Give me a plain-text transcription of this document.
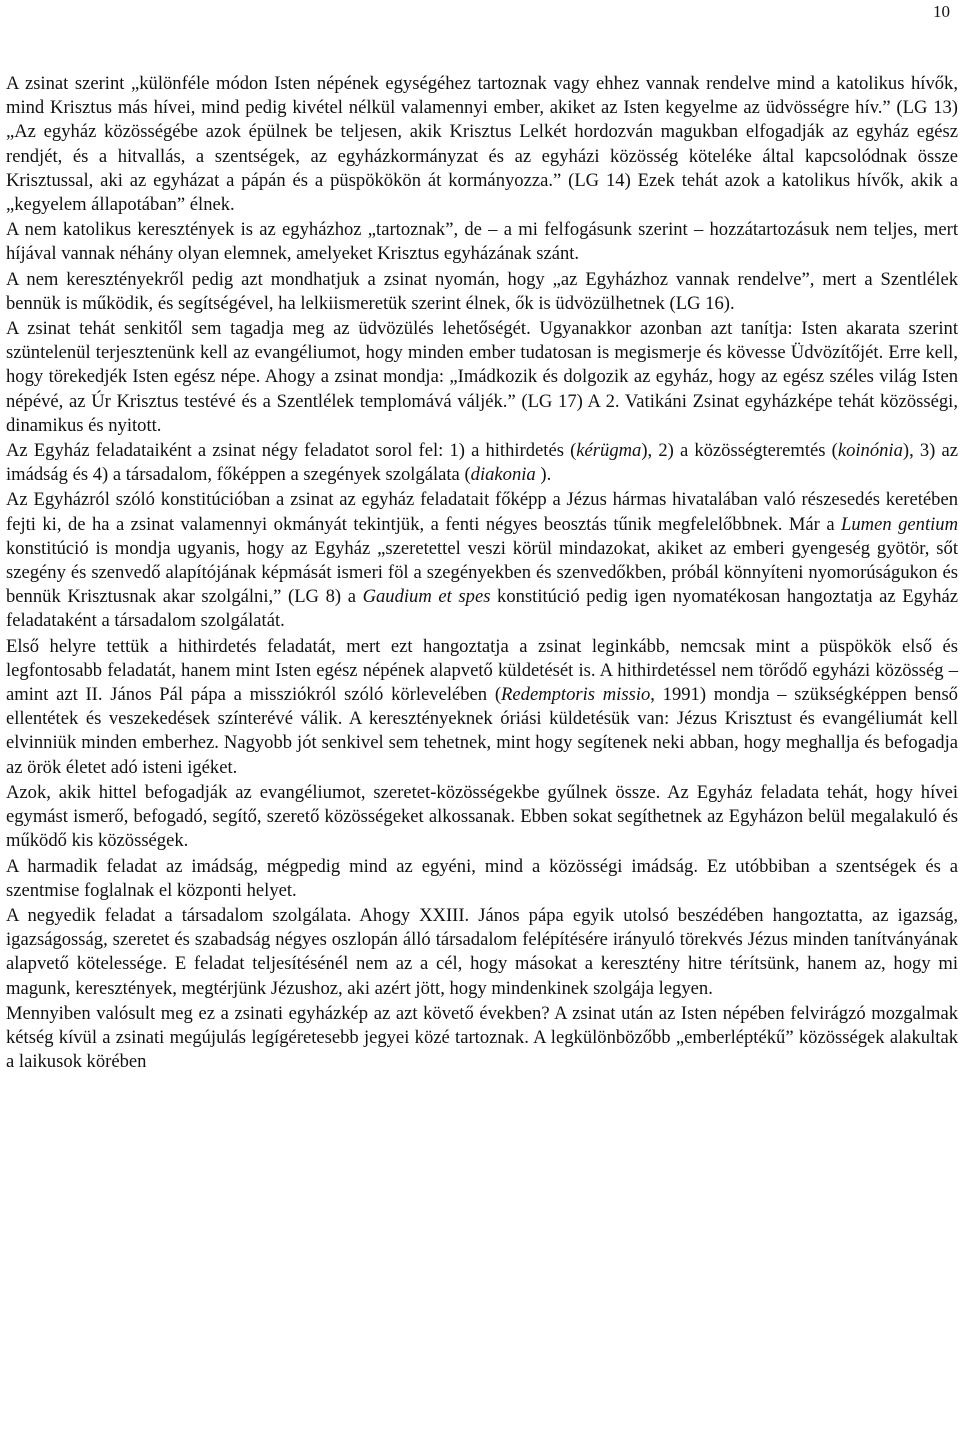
10

A zsinat szerint „különféle módon Isten népének egységéhez tartoznak vagy ehhez vannak rendelve mind a katolikus hívők, mind Krisztus más hívei, mind pedig kivétel nélkül valamennyi ember, akiket az Isten kegyelme az üdvösségre hív.” (LG 13) „Az egyház közösségébe azok épülnek be teljesen, akik Krisztus Lelkét hordozván magukban elfogadják az egyház egész rendjét, és a hitvallás, a szentségek, az egyházkormányzat és az egyházi közösség köteléke által kapcsolódnak össze Krisztussal, aki az egyházat a pápán és a püspökökön át kormányozza.” (LG 14) Ezek tehát azok a katolikus hívők, akik a „kegyelem állapotában” élnek.

A nem katolikus keresztények is az egyházhoz „tartoznak”, de – a mi felfogásunk szerint – hozzátartozásuk nem teljes, mert híjával vannak néhány olyan elemnek, amelyeket Krisztus egyházának szánt.

A nem keresztényekről pedig azt mondhatjuk a zsinat nyomán, hogy „az Egyházhoz vannak rendelve”, mert a Szentlélek bennük is működik, és segítségével, ha lelkiismeretük szerint élnek, ők is üdvözülhetnek (LG 16).

A zsinat tehát senkitől sem tagadja meg az üdvözülés lehetőségét. Ugyanakkor azonban azt tanítja: Isten akarata szerint szüntelenül terjesztenünk kell az evangéliumot, hogy minden ember tudatosan is megismerje és kövesse Üdvözítőjét. Erre kell, hogy törekedjék Isten egész népe. Ahogy a zsinat mondja: „Imádkozik és dolgozik az egyház, hogy az egész széles világ Isten népévé, az Úr Krisztus testévé és a Szentlélek templomává váljék.” (LG 17) A 2. Vatikáni Zsinat egyházképe tehát közösségi, dinamikus és nyitott.

Az Egyház feladataiként a zsinat négy feladatot sorol fel: 1) a hithirdetés (kérügma), 2) a közösségteremtés (koinónia), 3) az imádság és 4) a társadalom, főképpen a szegények szolgálata (diakonia ).

Az Egyházról szóló konstitúcióban a zsinat az egyház feladatait főképp a Jézus hármas hivatalában való részesedés keretében fejti ki, de ha a zsinat valamennyi okmányát tekintjük, a fenti négyes beosztás tűnik megfelelőbbnek. Már a Lumen gentium konstitúció is mondja ugyanis, hogy az Egyház „szeretettel veszi körül mindazokat, akiket az emberi gyengeség gyötör, sőt szegény és szenvedő alapítójának képmását ismeri föl a szegényekben és szenvedőkben, próbál könnyíteni nyomorúságukon és bennük Krisztusnak akar szolgálni,” (LG 8) a Gaudium et spes konstitúció pedig igen nyomatékosan hangoztatja az Egyház feladataként a társadalom szolgálatát.

Első helyre tettük a hithirdetés feladatát, mert ezt hangoztatja a zsinat leginkább, nemcsak mint a püspökök első és legfontosabb feladatát, hanem mint Isten egész népének alapvető küldetését is. A hithirdetéssel nem törődő egyházi közösség – amint azt II. János Pál pápa a missziókról szóló körlevelében (Redemptoris missio, 1991) mondja – szükségképpen benső ellentétek és veszekedések színterévé válik. A keresztényeknek óriási küldetésük van: Jézus Krisztust és evangéliumát kell elvinniük minden emberhez. Nagyobb jót senkivel sem tehetnek, mint hogy segítenek neki abban, hogy meghallja és befogadja az örök életet adó isteni igéket.

Azok, akik hittel befogadják az evangéliumot, szeretet-közösségekbe gyűlnek össze. Az Egyház feladata tehát, hogy hívei egymást ismerő, befogadó, segítő, szerető közösségeket alkossanak. Ebben sokat segíthetnek az Egyházon belül megalakuló és működő kis közösségek.

A harmadik feladat az imádság, mégpedig mind az egyéni, mind a közösségi imádság. Ez utóbbiban a szentségek és a szentmise foglalnak el központi helyet.

A negyedik feladat a társadalom szolgálata. Ahogy XXIII. János pápa egyik utolsó beszédében hangoztatta, az igazság, igazságosság, szeretet és szabadság négyes oszlopán álló társadalom felépítésére irányuló törekvés Jézus minden tanítványának alapvető kötelessége. E feladat teljesítésénél nem az a cél, hogy másokat a keresztény hitre térítsünk, hanem az, hogy mi magunk, keresztények, megtérjünk Jézushoz, aki azért jött, hogy mindenkinek szolgája legyen.

Mennyiben valósult meg ez a zsinati egyházkép az azt követő években? A zsinat után az Isten népében felvirágzó mozgalmak kétség kívül a zsinati megújulás legígéretesebb jegyei közé tartoznak. A legkülönbözőbb „emberléptékű” közösségek alakultak a laikusok körében
